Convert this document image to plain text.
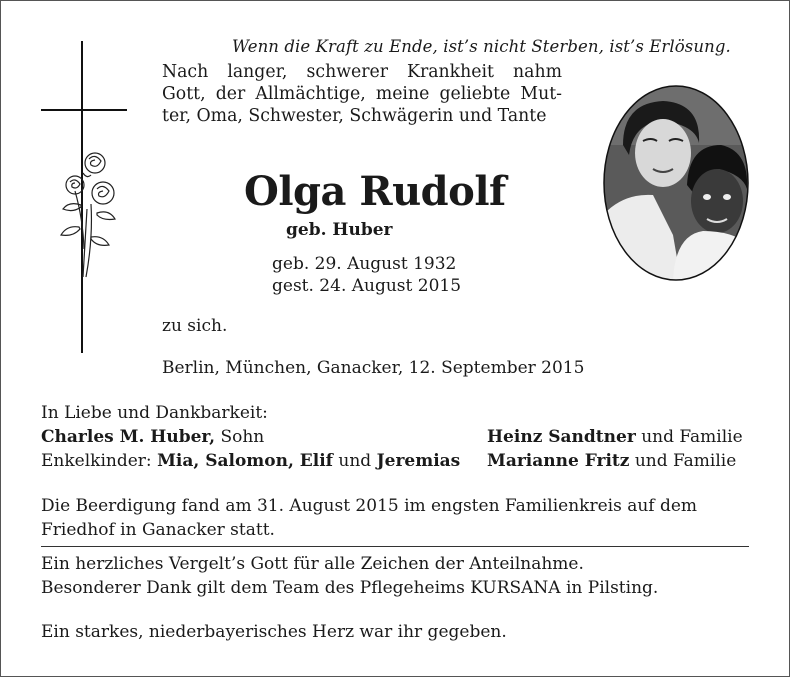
Wenn die Kraft zu Ende, ist’s nicht Sterben, ist’s Erlösung.
Nach langer, schwerer Krankheit nahm
Gott, der Allmächtige, meine geliebte Mut-
ter, Oma, Schwester, Schwägerin und Tante
Olga Rudolf
geb. Huber
geb. 29. August 1932
gest. 24. August 2015
zu sich.
Berlin, München, Ganacker, 12. September 2015
In Liebe und Dankbarkeit:
Charles M. Huber, Sohn
Enkelkinder: Mia, Salomon, Elif und Jeremias
Heinz Sandtner und Familie
Marianne Fritz und Familie
Die Beerdigung fand am 31. August 2015 im engsten Familienkreis auf dem
Friedhof in Ganacker statt.
Ein herzliches Vergelt’s Gott für alle Zeichen der Anteilnahme.
Besonderer Dank gilt dem Team des Pflegeheims KURSANA in Pilsting.
Ein starkes, niederbayerisches Herz war ihr gegeben.
